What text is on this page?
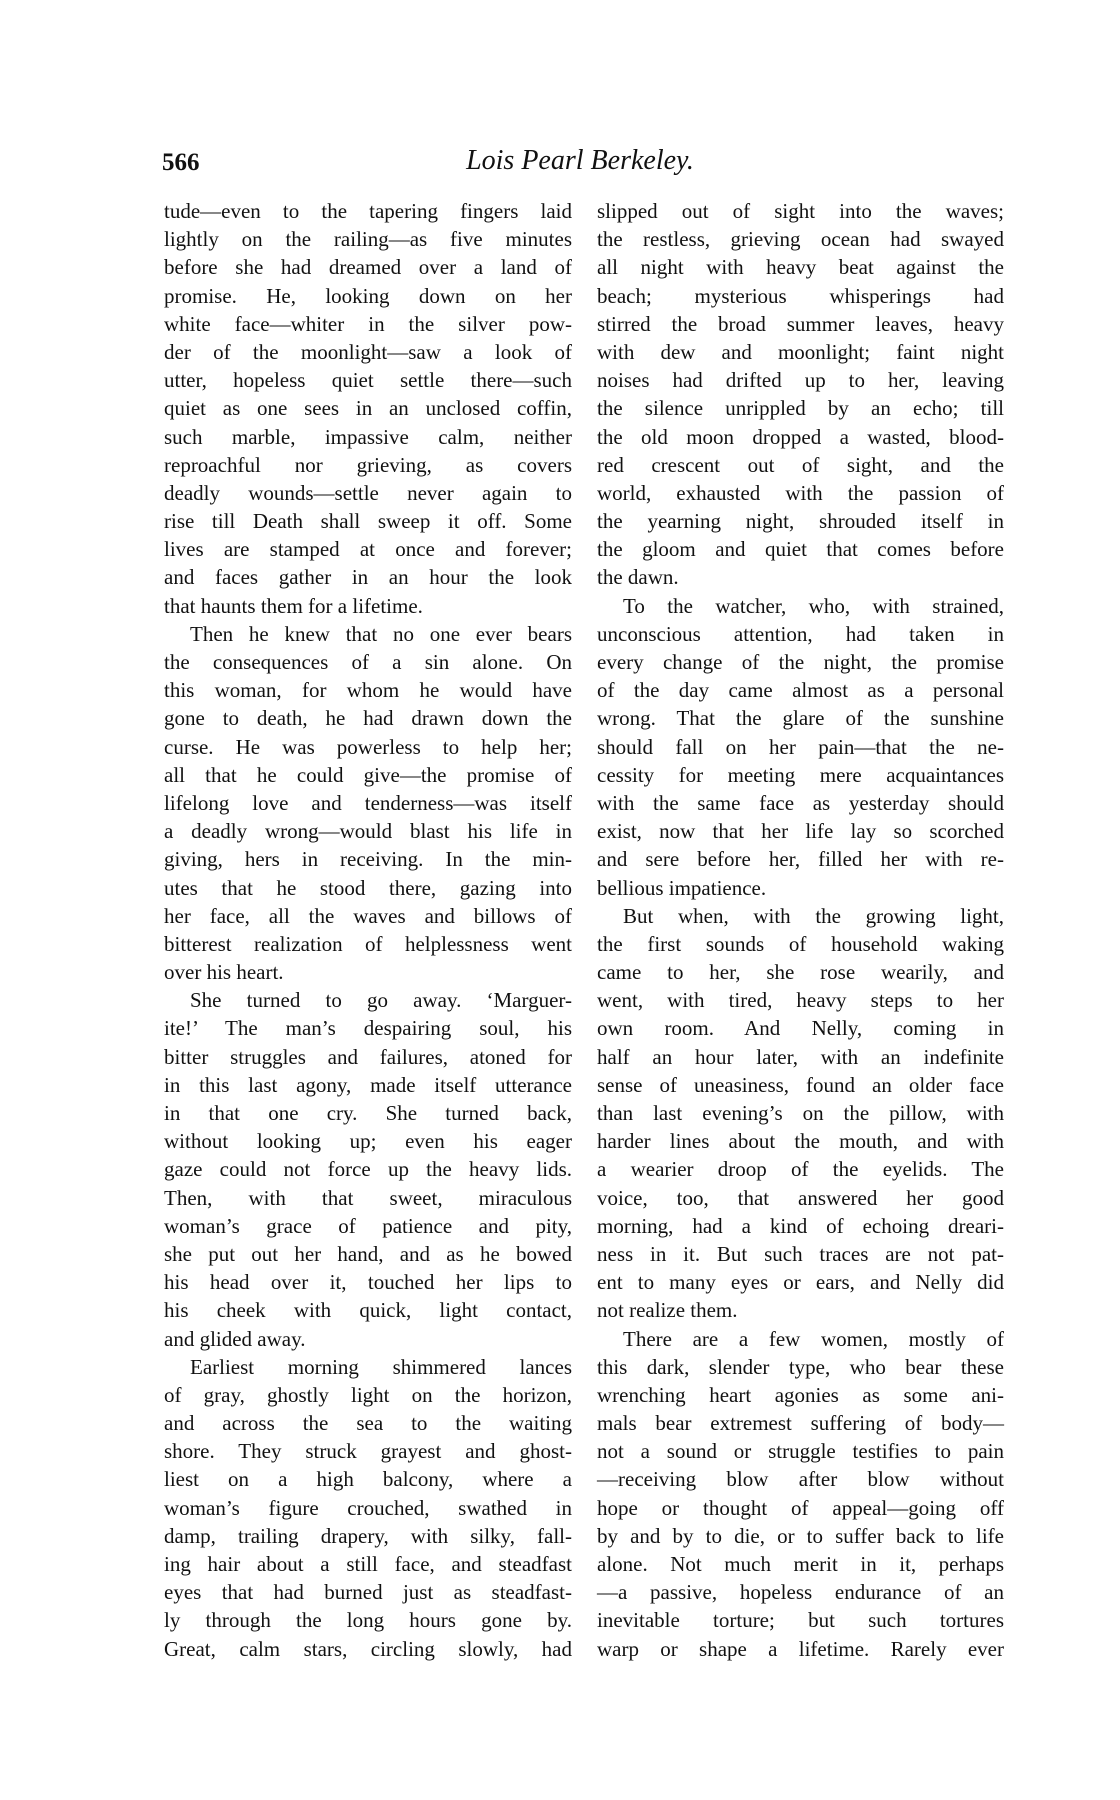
566	Lois Pearl Berkeley.
tude—even to the tapering fingers laid
lightly on the railing—as five minutes
before she had dreamed over a land of
promise. He, looking down on her
white face—whiter in the silver pow-
der of the moonlight—saw a look of
utter, hopeless quiet settle there—such
quiet as one sees in an unclosed coffin,
such marble, impassive calm, neither
reproachful nor grieving, as covers
deadly wounds—settle never again to
rise till Death shall sweep it off. Some
lives are stamped at once and forever;
and faces gather in an hour the look
that haunts them for a lifetime.
Then he knew that no one ever bears
the consequences of a sin alone. On
this woman, for whom he would have
gone to death, he had drawn down the
curse. He was powerless to help her;
all that he could give—the promise of
lifelong love and tenderness—was itself
a deadly wrong—would blast his life in
giving, hers in receiving. In the min-
utes that he stood there, gazing into
her face, all the waves and billows of
bitterest realization of helplessness went
over his heart.
She turned to go away. ‘Marguer-
ite!’ The man’s despairing soul, his
bitter struggles and failures, atoned for
in this last agony, made itself utterance
in that one cry. She turned back,
without looking up; even his eager
gaze could not force up the heavy lids.
Then, with that sweet, miraculous
woman’s grace of patience and pity,
she put out her hand, and as he bowed
his head over it, touched her lips to
his cheek with quick, light contact,
and glided away.
Earliest morning shimmered lances
of gray, ghostly light on the horizon,
and across the sea to the waiting
shore. They struck grayest and ghost-
liest on a high balcony, where a
woman’s figure crouched, swathed in
damp, trailing drapery, with silky, fall-
ing hair about a still face, and steadfast
eyes that had burned just as steadfast-
ly through the long hours gone by.
Great, calm stars, circling slowly, had
slipped out of sight into the waves;
the restless, grieving ocean had swayed
all night with heavy beat against the
beach; mysterious whisperings had
stirred the broad summer leaves, heavy
with dew and moonlight; faint night
noises had drifted up to her, leaving
the silence unrippled by an echo; till
the old moon dropped a wasted, blood-
red crescent out of sight, and the
world, exhausted with the passion of
the yearning night, shrouded itself in
the gloom and quiet that comes before
the dawn.
To the watcher, who, with strained,
unconscious attention, had taken in
every change of the night, the promise
of the day came almost as a personal
wrong. That the glare of the sunshine
should fall on her pain—that the ne-
cessity for meeting mere acquaintances
with the same face as yesterday should
exist, now that her life lay so scorched
and sere before her, filled her with re-
bellious impatience.
But when, with the growing light,
the first sounds of household waking
came to her, she rose wearily, and
went, with tired, heavy steps to her
own room. And Nelly, coming in
half an hour later, with an indefinite
sense of uneasiness, found an older face
than last evening’s on the pillow, with
harder lines about the mouth, and with
a wearier droop of the eyelids. The
voice, too, that answered her good
morning, had a kind of echoing dreari-
ness in it. But such traces are not pat-
ent to many eyes or ears, and Nelly did
not realize them.
There are a few women, mostly of
this dark, slender type, who bear these
wrenching heart agonies as some ani-
mals bear extremest suffering of body—
not a sound or struggle testifies to pain
—receiving blow after blow without
hope or thought of appeal—going off
by and by to die, or to suffer back to life
alone. Not much merit in it, perhaps
—a passive, hopeless endurance of an
inevitable torture; but such tortures
warp or shape a lifetime. Rarely ever
